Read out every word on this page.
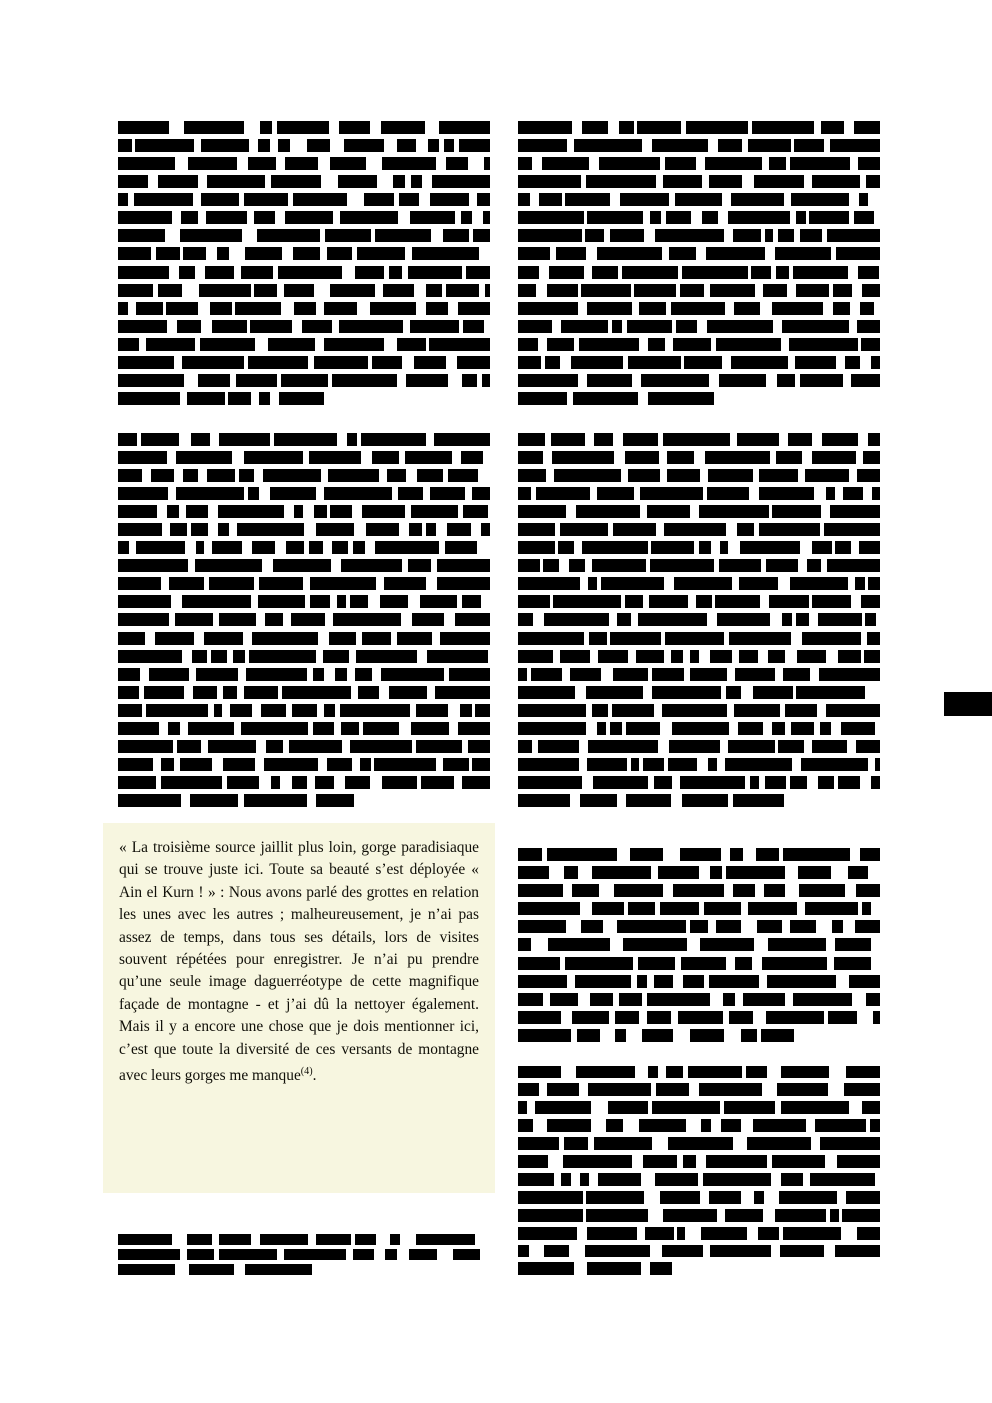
« La troisième source jaillit plus loin, gorge paradisiaque qui se trouve juste ici. Toute sa beauté s’est déployée « Ain el Kurn ! » : Nous avons parlé des grottes en relation les unes avec les autres ; malheureusement, je n’ai pas assez de temps, dans tous ses détails, lors de visites souvent répétées pour enregistrer. Je n’ai pu prendre qu’une seule image daguerréotype de cette magnifique façade de montagne - et j’ai dû la nettoyer également. Mais il y a encore une chose que je dois mentionner ici, c’est que toute la diversité de ces versants de montagne avec leurs gorges me manque$^{(4)}$.
